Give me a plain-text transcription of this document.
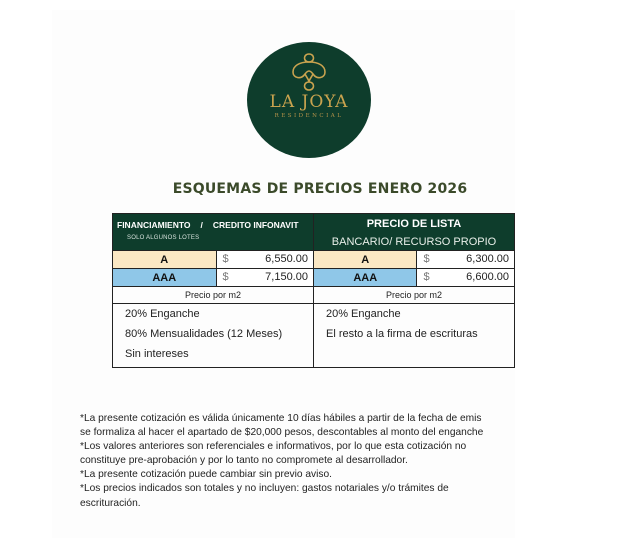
LA JOYA
RESIDENCIAL
ESQUEMAS DE PRECIOS ENERO 2026
FINANCIAMIENTO / CREDITO INFONAVIT
SOLO ALGUNOS LOTES

PRECIO DE LISTA
BANCARIO/ RECURSO PROPIO

A	$ 6,550.00	A	$ 6,300.00

AAA	$ 7,150.00	AAA	$ 6,600.00

Precio por m2		Precio por m2	

20% Enganche
80% Mensualidades (12 Meses)
Sin intereses

20% Enganche
El resto a la firma de escrituras
*La presente cotización es válida únicamente 10 días hábiles a partir de la fecha de emis
se formaliza al hacer el apartado de $20,000 pesos, descontables al monto del enganche
*Los valores anteriores son referenciales e informativos, por lo que esta cotización no
constituye pre-aprobación y por lo tanto no compromete al desarrollador.
*La presente cotización puede cambiar sin previo aviso.
*Los precios indicados son totales y no incluyen: gastos notariales y/o trámites de
escrituración.
